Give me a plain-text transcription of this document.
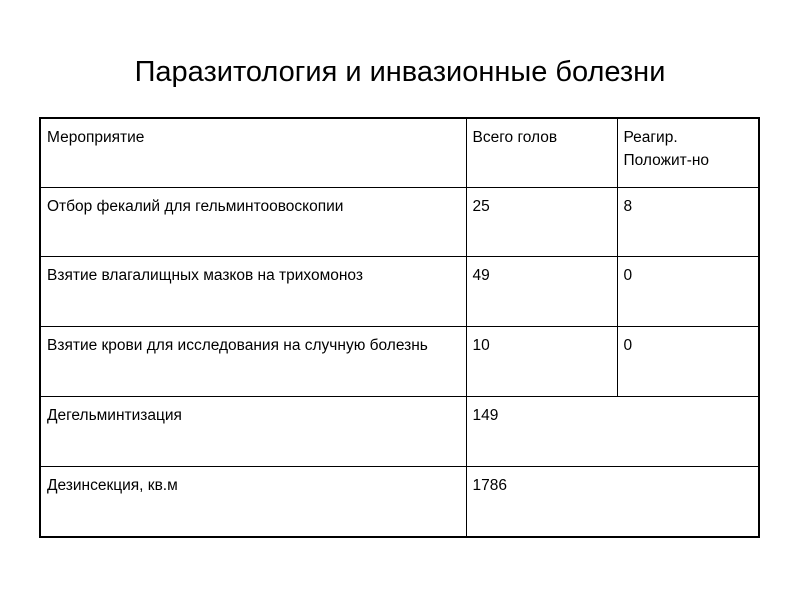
Паразитология и инвазионные болезни
Мероприятие	Всего голов	Реагир.
Положит-но
Отбор фекалий для гельминтоовоскопии	25	8
Взятие влагалищных мазков на трихомоноз	49	0
Взятие крови для исследования на случную болезнь	10	0
Дегельминтизация	149	
Дезинсекция, кв.м	1786	
